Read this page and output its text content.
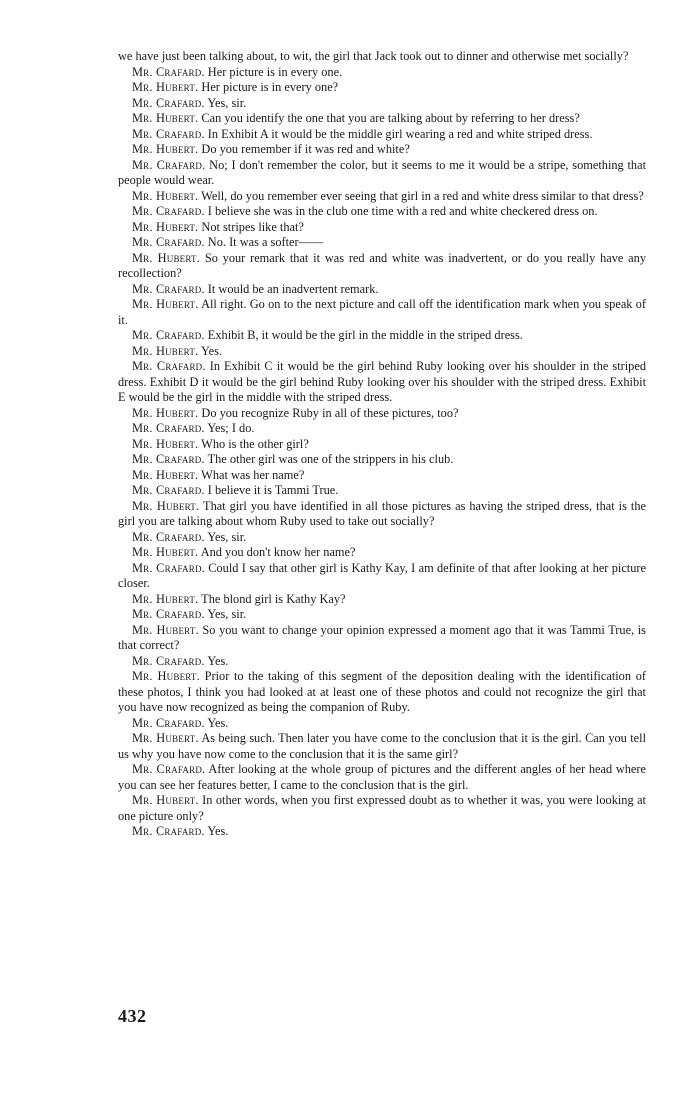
we have just been talking about, to wit, the girl that Jack took out to dinner and otherwise met socially?

Mr. Crafard. Her picture is in every one.

Mr. Hubert. Her picture is in every one?

Mr. Crafard. Yes, sir.

Mr. Hubert. Can you identify the one that you are talking about by referring to her dress?

Mr. Crafard. In Exhibit A it would be the middle girl wearing a red and white striped dress.

Mr. Hubert. Do you remember if it was red and white?

Mr. Crafard. No; I don't remember the color, but it seems to me it would be a stripe, something that people would wear.

Mr. Hubert. Well, do you remember ever seeing that girl in a red and white dress similar to that dress?

Mr. Crafard. I believe she was in the club one time with a red and white checkered dress on.

Mr. Hubert. Not stripes like that?

Mr. Crafard. No. It was a softer——

Mr. Hubert. So your remark that it was red and white was inadvertent, or do you really have any recollection?

Mr. Crafard. It would be an inadvertent remark.

Mr. Hubert. All right. Go on to the next picture and call off the identification mark when you speak of it.

Mr. Crafard. Exhibit B, it would be the girl in the middle in the striped dress.

Mr. Hubert. Yes.

Mr. Crafard. In Exhibit C it would be the girl behind Ruby looking over his shoulder in the striped dress. Exhibit D it would be the girl behind Ruby looking over his shoulder with the striped dress. Exhibit E would be the girl in the middle with the striped dress.

Mr. Hubert. Do you recognize Ruby in all of these pictures, too?

Mr. Crafard. Yes; I do.

Mr. Hubert. Who is the other girl?

Mr. Crafard. The other girl was one of the strippers in his club.

Mr. Hubert. What was her name?

Mr. Crafard. I believe it is Tammi True.

Mr. Hubert. That girl you have identified in all those pictures as having the striped dress, that is the girl you are talking about whom Ruby used to take out socially?

Mr. Crafard. Yes, sir.

Mr. Hubert. And you don't know her name?

Mr. Crafard. Could I say that other girl is Kathy Kay, I am definite of that after looking at her picture closer.

Mr. Hubert. The blond girl is Kathy Kay?

Mr. Crafard. Yes, sir.

Mr. Hubert. So you want to change your opinion expressed a moment ago that it was Tammi True, is that correct?

Mr. Crafard. Yes.

Mr. Hubert. Prior to the taking of this segment of the deposition dealing with the identification of these photos, I think you had looked at at least one of these photos and could not recognize the girl that you have now recognized as being the companion of Ruby.

Mr. Crafard. Yes.

Mr. Hubert. As being such. Then later you have come to the conclusion that it is the girl. Can you tell us why you have now come to the conclusion that it is the same girl?

Mr. Crafard. After looking at the whole group of pictures and the different angles of her head where you can see her features better, I came to the conclusion that is the girl.

Mr. Hubert. In other words, when you first expressed doubt as to whether it was, you were looking at one picture only?

Mr. Crafard. Yes.

432
